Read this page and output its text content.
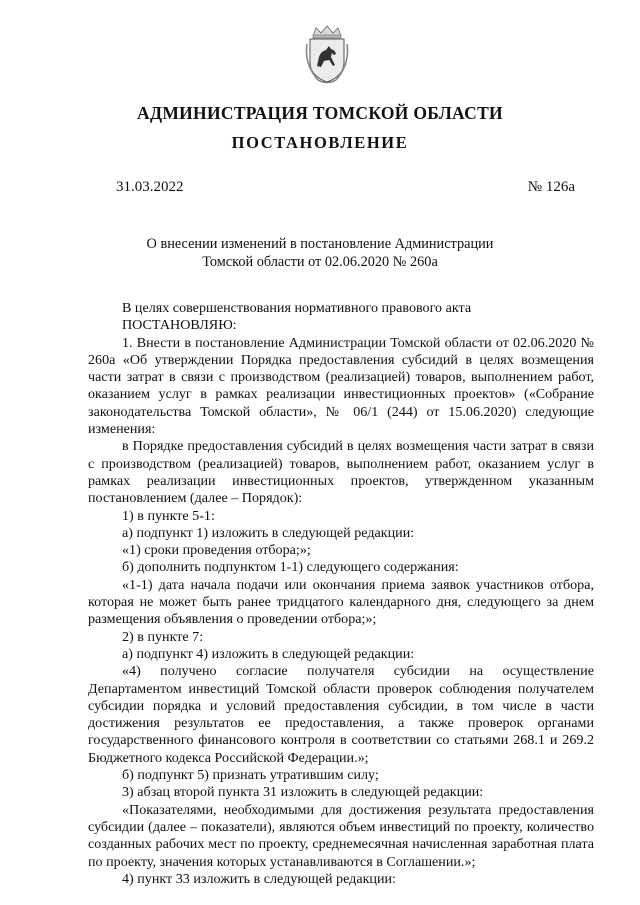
АДМИНИСТРАЦИЯ ТОМСКОЙ ОБЛАСТИ
ПОСТАНОВЛЕНИЕ
31.03.2022	№ 126а
О внесении изменений в постановление Администрации
Томской области от 02.06.2020 № 260а

В целях совершенствования нормативного правового акта

ПОСТАНОВЛЯЮ:

1. Внести в постановление Администрации Томской области от 02.06.2020 № 260а «Об утверждении Порядка предоставления субсидий в целях возмещения части затрат в связи с производством (реализацией) товаров, выполнением работ, оказанием услуг в рамках реализации инвестиционных проектов» («Собрание законодательства Томской области», № 06/1 (244) от 15.06.2020) следующие изменения:

в Порядке предоставления субсидий в целях возмещения части затрат в связи с производством (реализацией) товаров, выполнением работ, оказанием услуг в рамках реализации инвестиционных проектов, утвержденном указанным постановлением (далее – Порядок):

1) в пункте 5-1:

а) подпункт 1) изложить в следующей редакции:

«1) сроки проведения отбора;»;

б) дополнить подпунктом 1-1) следующего содержания:

«1-1) дата начала подачи или окончания приема заявок участников отбора, которая не может быть ранее тридцатого календарного дня, следующего за днем размещения объявления о проведении отбора;»;

2) в пункте 7:

а) подпункт 4) изложить в следующей редакции:

«4) получено согласие получателя субсидии на осуществление Департаментом инвестиций Томской области проверок соблюдения получателем субсидии порядка и условий предоставления субсидии, в том числе в части достижения результатов ее предоставления, а также проверок органами государственного финансового контроля в соответствии со статьями 268.1 и 269.2 Бюджетного кодекса Российской Федерации.»;

б) подпункт 5) признать утратившим силу;

3) абзац второй пункта 31 изложить в следующей редакции:

«Показателями, необходимыми для достижения результата предоставления субсидии (далее – показатели), являются объем инвестиций по проекту, количество созданных рабочих мест по проекту, среднемесячная начисленная заработная плата по проекту, значения которых устанавливаются в Соглашении.»;

4) пункт 33 изложить в следующей редакции:
